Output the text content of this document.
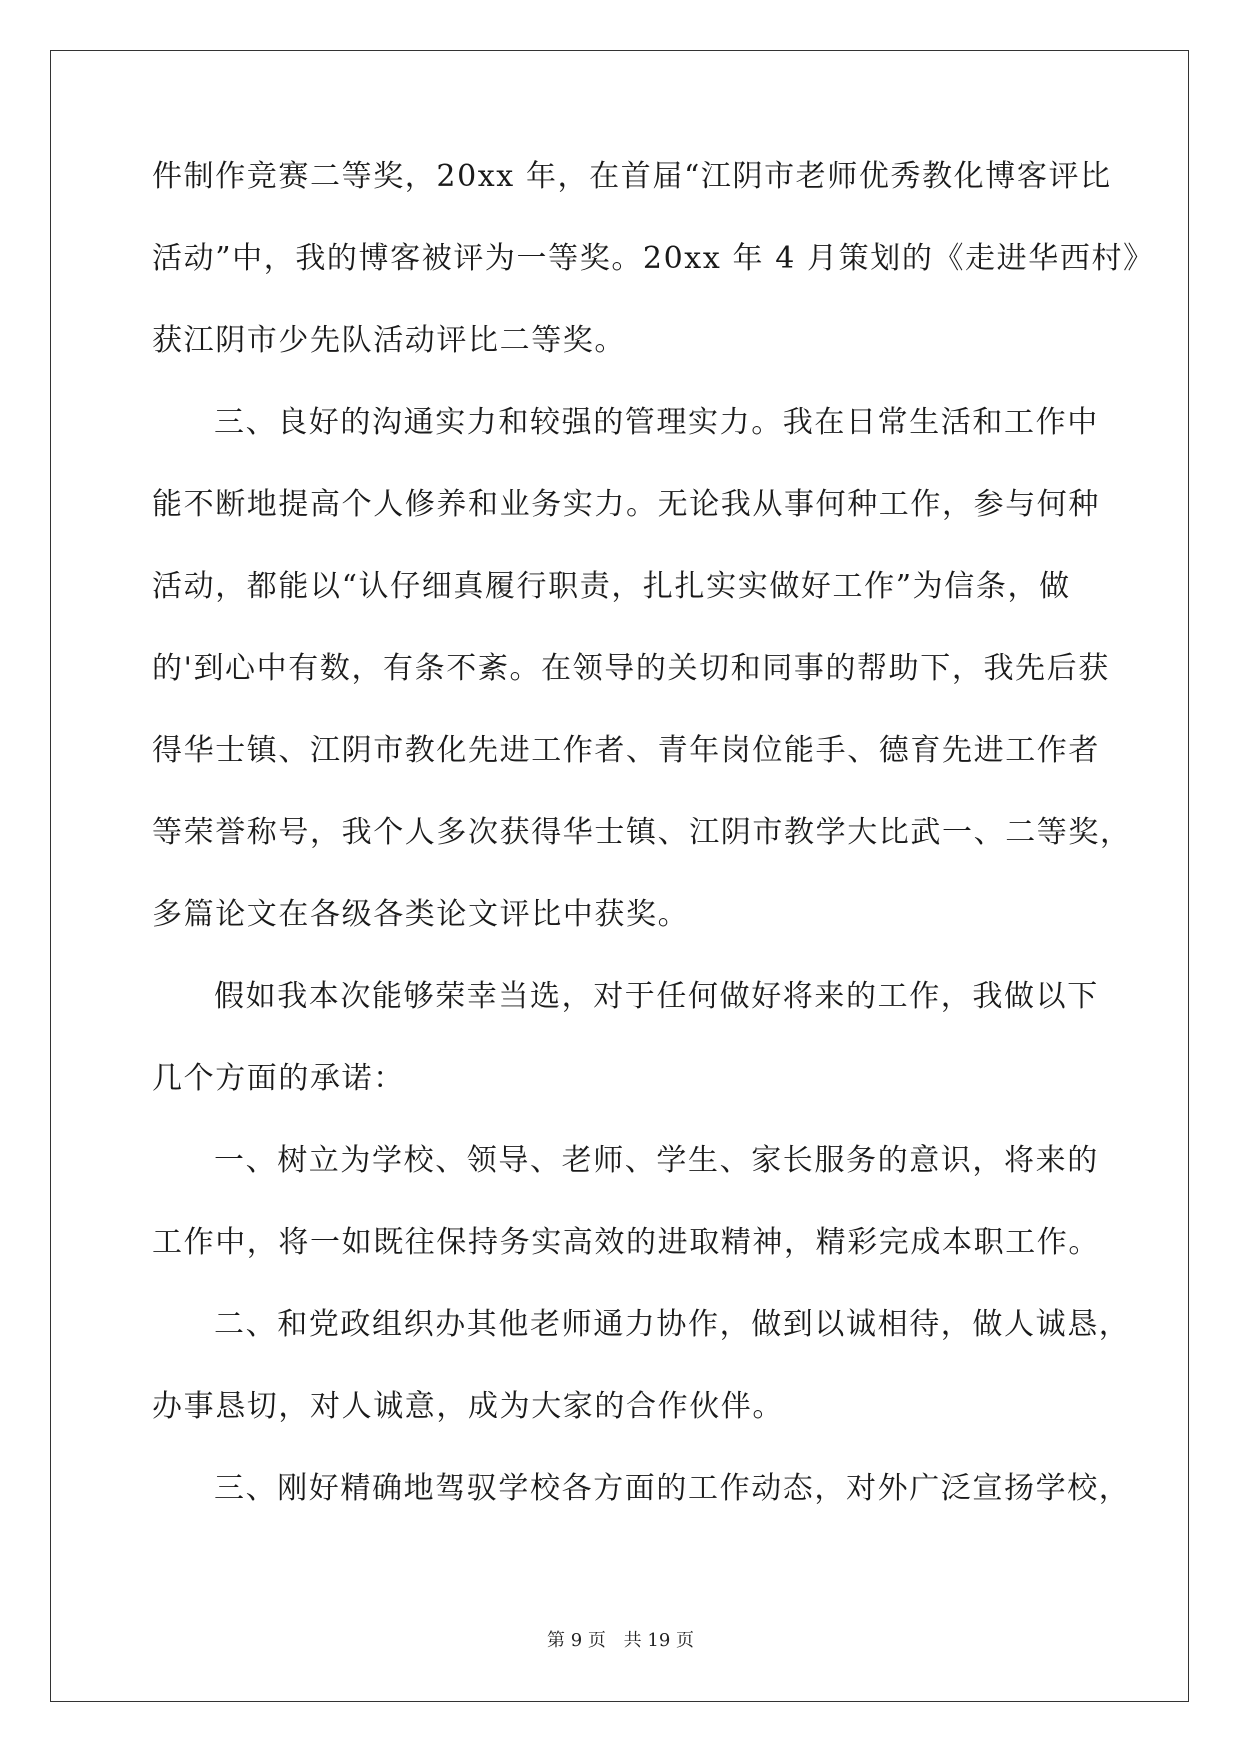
件制作竞赛二等奖，20xx 年，在首届“江阴市老师优秀教化博客评比
活动”中，我的博客被评为一等奖。20xx 年 4 月策划的《走进华西村》
获江阴市少先队活动评比二等奖。
三、良好的沟通实力和较强的管理实力。我在日常生活和工作中
能不断地提高个人修养和业务实力。无论我从事何种工作，参与何种
活动，都能以“认仔细真履行职责，扎扎实实做好工作”为信条，做
的'到心中有数，有条不紊。在领导的关切和同事的帮助下，我先后获
得华士镇、江阴市教化先进工作者、青年岗位能手、德育先进工作者
等荣誉称号，我个人多次获得华士镇、江阴市教学大比武一、二等奖，
多篇论文在各级各类论文评比中获奖。
假如我本次能够荣幸当选，对于任何做好将来的工作，我做以下
几个方面的承诺：
一、树立为学校、领导、老师、学生、家长服务的意识，将来的
工作中，将一如既往保持务实高效的进取精神，精彩完成本职工作。
二、和党政组织办其他老师通力协作，做到以诚相待，做人诚恳，
办事恳切，对人诚意，成为大家的合作伙伴。
三、刚好精确地驾驭学校各方面的工作动态，对外广泛宣扬学校，
第 9 页 共 19 页
